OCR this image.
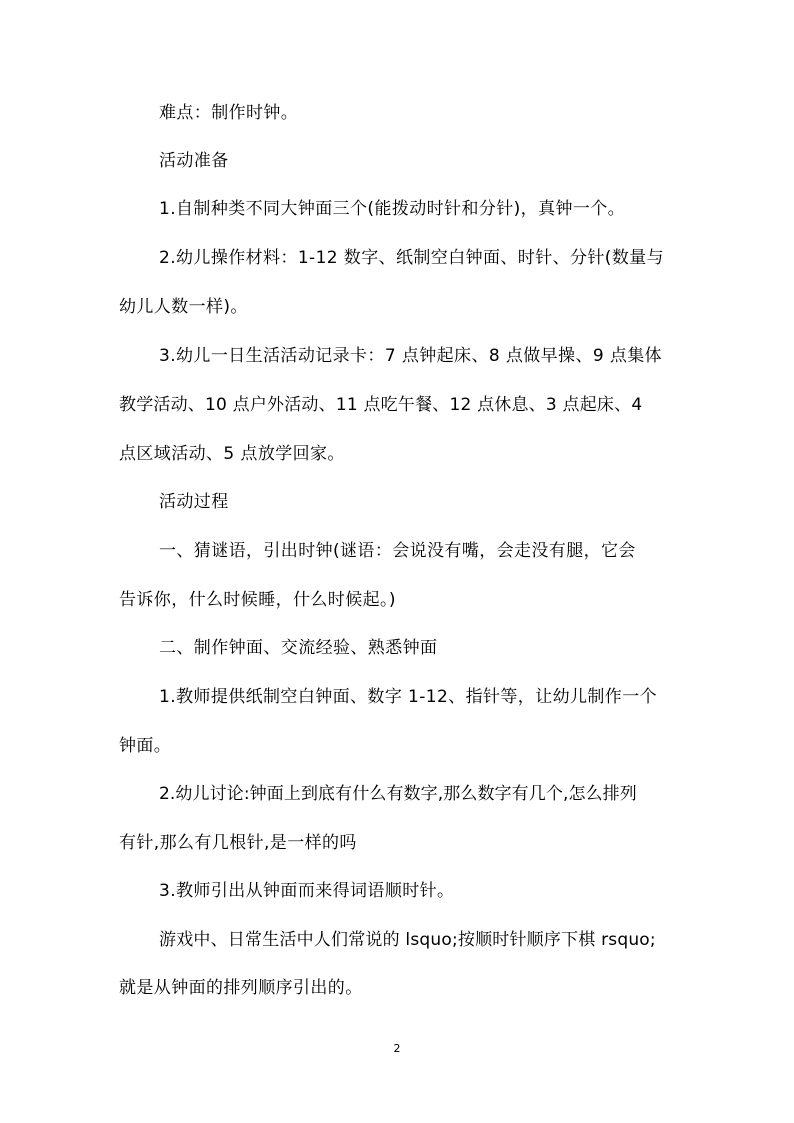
难点：制作时钟。
活动准备
1.自制种类不同大钟面三个(能拨动时针和分针)，真钟一个。
2.幼儿操作材料：1-12 数字、纸制空白钟面、时针、分针(数量与
幼儿人数一样)。
3.幼儿一日生活活动记录卡：7 点钟起床、8 点做早操、9 点集体
教学活动、10 点户外活动、11 点吃午餐、12 点休息、3 点起床、4
点区域活动、5 点放学回家。
活动过程
一、猜谜语，引出时钟(谜语：会说没有嘴，会走没有腿，它会
告诉你，什么时候睡，什么时候起。)
二、制作钟面、交流经验、熟悉钟面
1.教师提供纸制空白钟面、数字 1-12、指针等，让幼儿制作一个
钟面。
2.幼儿讨论:钟面上到底有什么有数字,那么数字有几个,怎么排列
有针,那么有几根针,是一样的吗
3.教师引出从钟面而来得词语顺时针。
游戏中、日常生活中人们常说的 lsquo;按顺时针顺序下棋 rsquo;
就是从钟面的排列顺序引出的。
2
